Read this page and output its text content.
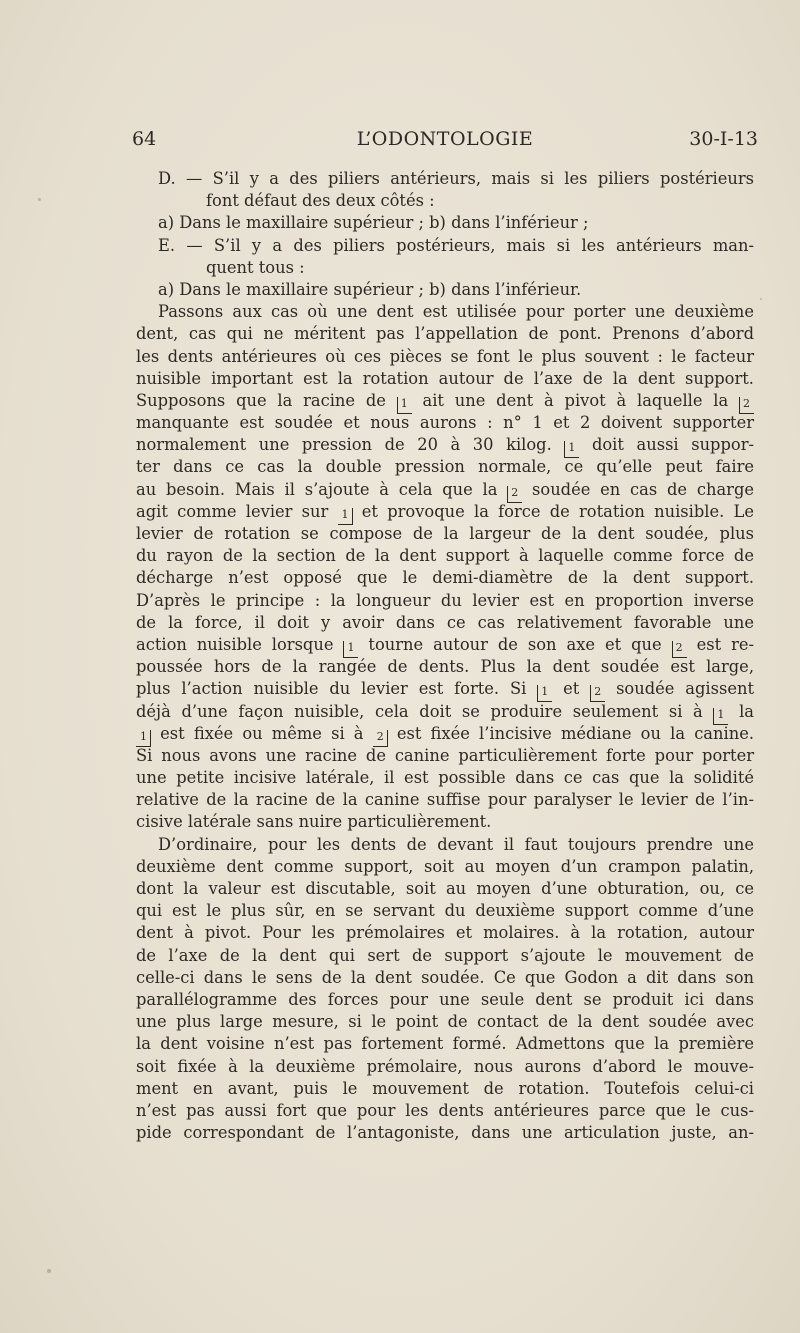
64	L’ODONTOLOGIE	30-I-13
D. — S’il y a des piliers antérieurs, mais si les piliers postérieurs
font défaut des deux côtés :
a) Dans le maxillaire supérieur ; b) dans l’inférieur ;
E. — S’il y a des piliers postérieurs, mais si les antérieurs man-
quent tous :
a) Dans le maxillaire supérieur ; b) dans l’inférieur.
Passons aux cas où une dent est utilisée pour porter une deuxième
dent, cas qui ne méritent pas l’appellation de pont. Prenons d’abord
les dents antérieures où ces pièces se font le plus souvent : le facteur
nuisible important est la rotation autour de l’axe de la dent support.
Supposons que la racine de 1 ait une dent à pivot à laquelle la 2
manquante est soudée et nous aurons : n° 1 et 2 doivent supporter
normalement une pression de 20 à 30 kilog. 1 doit aussi suppor-
ter dans ce cas la double pression normale, ce qu’elle peut faire
au besoin. Mais il s’ajoute à cela que la 2 soudée en cas de charge
agit comme levier sur 1 et provoque la force de rotation nuisible. Le
levier de rotation se compose de la largeur de la dent soudée, plus
du rayon de la section de la dent support à laquelle comme force de
décharge n’est opposé que le demi-diamètre de la dent support.
D’après le principe : la longueur du levier est en proportion inverse
de la force, il doit y avoir dans ce cas relativement favorable une
action nuisible lorsque 1 tourne autour de son axe et que 2 est re-
poussée hors de la rangée de dents. Plus la dent soudée est large,
plus l’action nuisible du levier est forte. Si 1 et 2 soudée agissent
déjà d’une façon nuisible, cela doit se produire seulement si à 1 la
1 est fixée ou même si à 2 est fixée l’incisive médiane ou la canine.
Si nous avons une racine de canine particulièrement forte pour porter
une petite incisive latérale, il est possible dans ce cas que la solidité
relative de la racine de la canine suffise pour paralyser le levier de l’in-
cisive latérale sans nuire particulièrement.
D’ordinaire, pour les dents de devant il faut toujours prendre une
deuxième dent comme support, soit au moyen d’un crampon palatin,
dont la valeur est discutable, soit au moyen d’une obturation, ou, ce
qui est le plus sûr, en se servant du deuxième support comme d’une
dent à pivot. Pour les prémolaires et molaires. à la rotation, autour
de l’axe de la dent qui sert de support s’ajoute le mouvement de
celle-ci dans le sens de la dent soudée. Ce que Godon a dit dans son
parallélogramme des forces pour une seule dent se produit ici dans
une plus large mesure, si le point de contact de la dent soudée avec
la dent voisine n’est pas fortement formé. Admettons que la première
soit fixée à la deuxième prémolaire, nous aurons d’abord le mouve-
ment en avant, puis le mouvement de rotation. Toutefois celui-ci
n’est pas aussi fort que pour les dents antérieures parce que le cus-
pide correspondant de l’antagoniste, dans une articulation juste, an-
